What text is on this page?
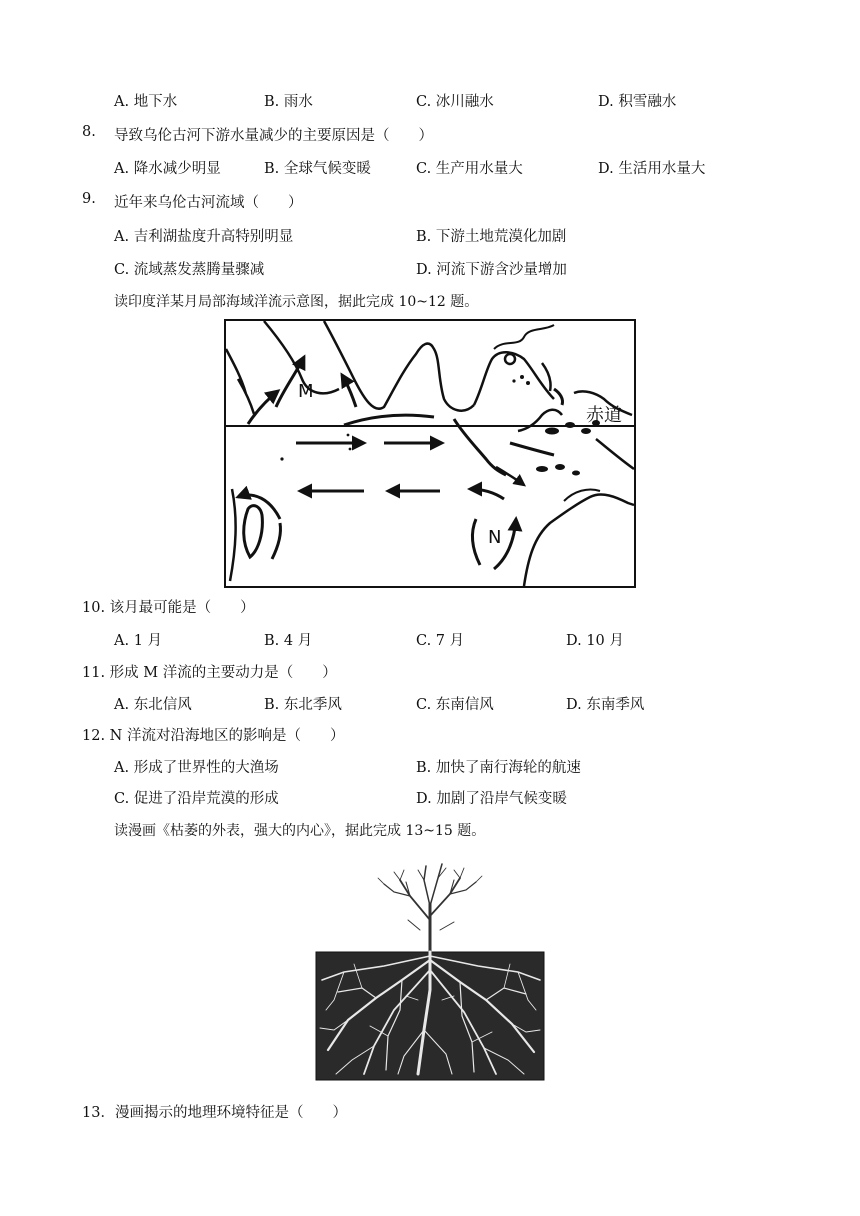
A. 地下水	B. 雨水	C. 冰川融水	D. 积雪融水
8. 导致乌伦古河下游水量减少的主要原因是（　　）
A. 降水减少明显	B. 全球气候变暖	C. 生产用水量大	D. 生活用水量大
9. 近年来乌伦古河流域（　　）
A. 吉利湖盐度升高特别明显	B. 下游土地荒漠化加剧
C. 流域蒸发蒸腾量骤减	D. 河流下游含沙量增加
读印度洋某月局部海域洋流示意图，据此完成 10~12 题。
M
N
赤道
10. 该月最可能是（　　）
A. 1 月	B. 4 月	C. 7 月	D. 10 月
11. 形成 M 洋流的主要动力是（　　）
A. 东北信风	B. 东北季风	C. 东南信风	D. 东南季风
12. N 洋流对沿海地区的影响是（　　）
A. 形成了世界性的大渔场	B. 加快了南行海轮的航速
C. 促进了沿岸荒漠的形成	D. 加剧了沿岸气候变暖
读漫画《枯萎的外表，强大的内心》，据此完成 13~15 题。
13．漫画揭示的地理环境特征是（　　）
